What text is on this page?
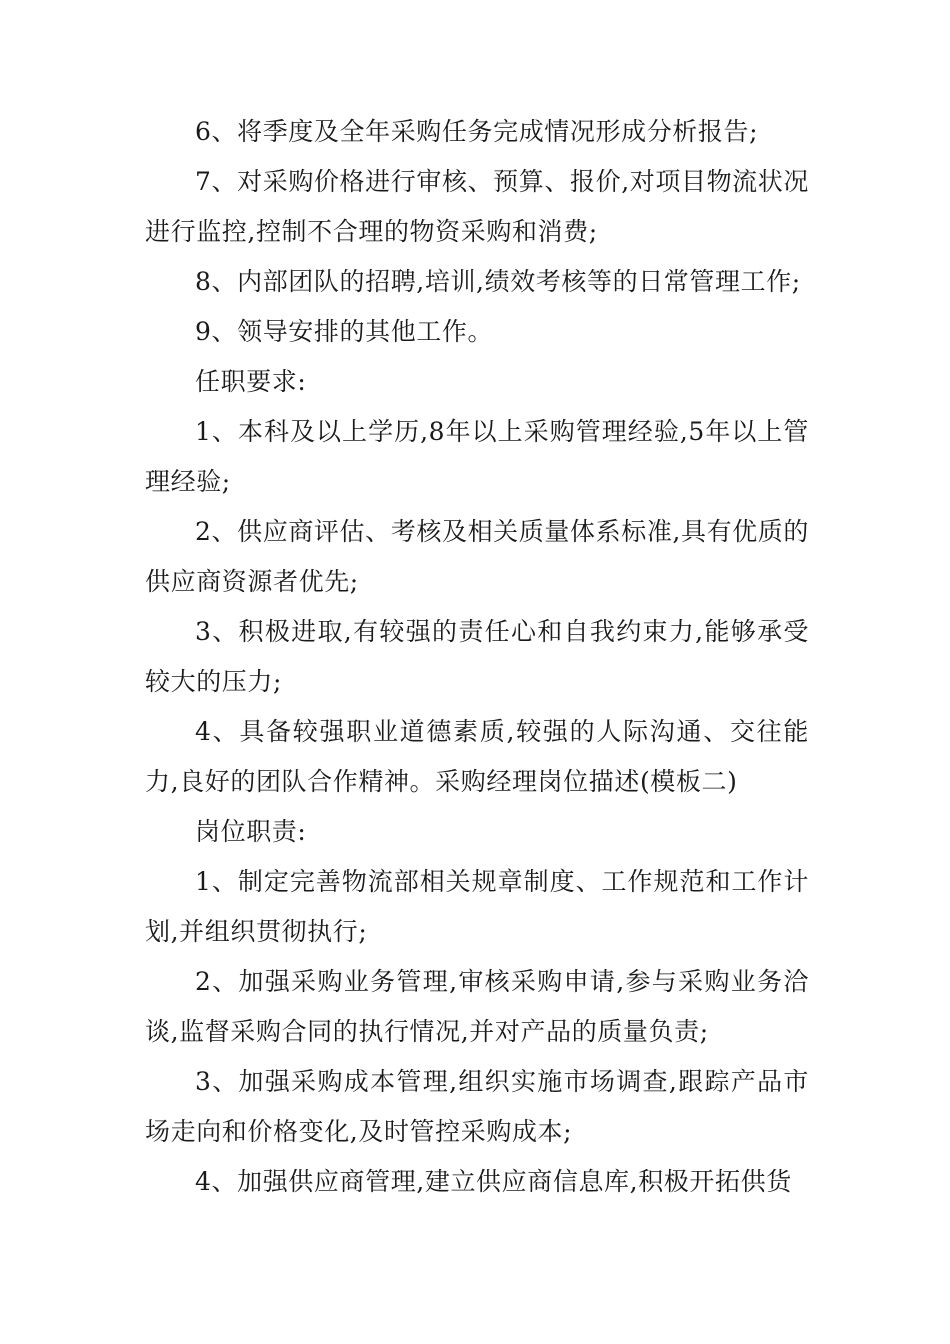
6、将季度及全年采购任务完成情况形成分析报告;

7、对采购价格进行审核、预算、报价,对项目物流状况进行监控,控制不合理的物资采购和消费;

8、内部团队的招聘,培训,绩效考核等的日常管理工作;

9、领导安排的其他工作。

任职要求:

1、本科及以上学历,8年以上采购管理经验,5年以上管理经验;

2、供应商评估、考核及相关质量体系标准,具有优质的供应商资源者优先;

3、积极进取,有较强的责任心和自我约束力,能够承受较大的压力;

4、具备较强职业道德素质,较强的人际沟通、交往能力,良好的团队合作精神。采购经理岗位描述(模板二)

岗位职责:

1、制定完善物流部相关规章制度、工作规范和工作计划,并组织贯彻执行;

2、加强采购业务管理,审核采购申请,参与采购业务洽谈,监督采购合同的执行情况,并对产品的质量负责;

3、加强采购成本管理,组织实施市场调查,跟踪产品市场走向和价格变化,及时管控采购成本;

4、加强供应商管理,建立供应商信息库,积极开拓供货
